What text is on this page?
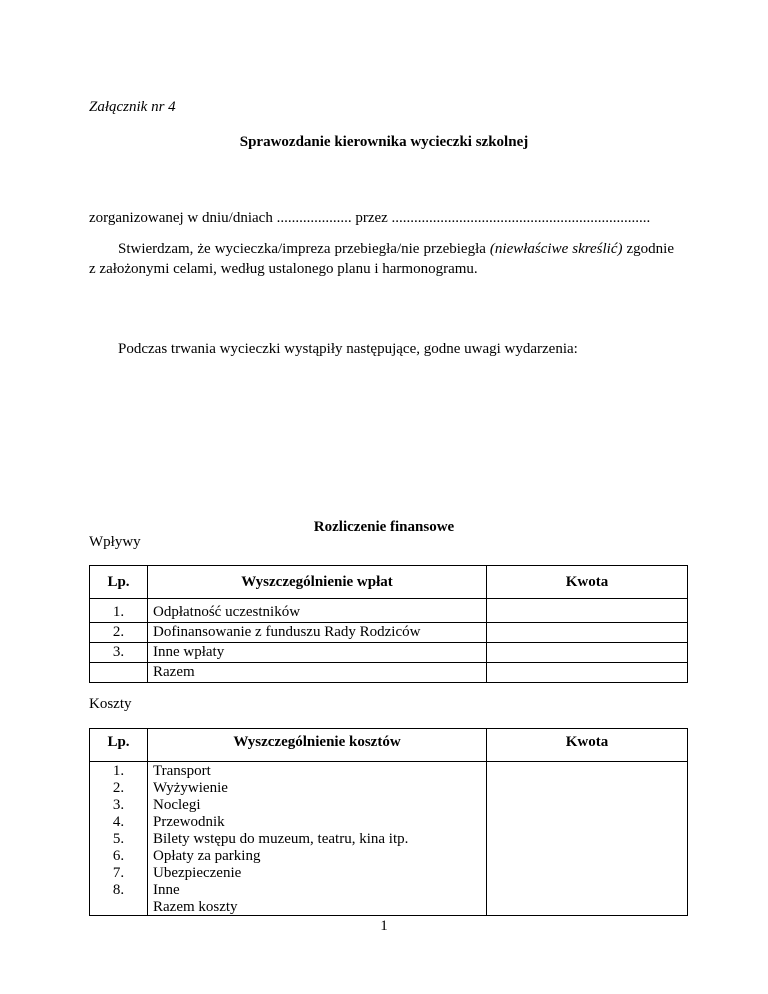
Załącznik nr 4
Sprawozdanie kierownika wycieczki szkolnej
zorganizowanej w dniu/dniach .................... przez .....................................................................
Stwierdzam, że wycieczka/impreza przebiegła/nie przebiegła (niewłaściwe skreślić) zgodnie z założonymi celami, według ustalonego planu i harmonogramu.
Podczas trwania wycieczki wystąpiły następujące, godne uwagi wydarzenia:
Rozliczenie finansowe
Wpływy
Lp.	Wyszczególnienie wpłat	Kwota
1.	Odpłatność uczestników	
2.	Dofinansowanie z funduszu Rady Rodziców	
3.	Inne wpłaty	
	Razem	
Koszty
Lp.	Wyszczególnienie kosztów	Kwota
1.	Transport	
2.	Wyżywienie	
3.	Noclegi	
4.	Przewodnik	
5.	Bilety wstępu do muzeum, teatru, kina itp.	
6.	Opłaty za parking	
7.	Ubezpieczenie	
8.	Inne	
	Razem koszty	
1
